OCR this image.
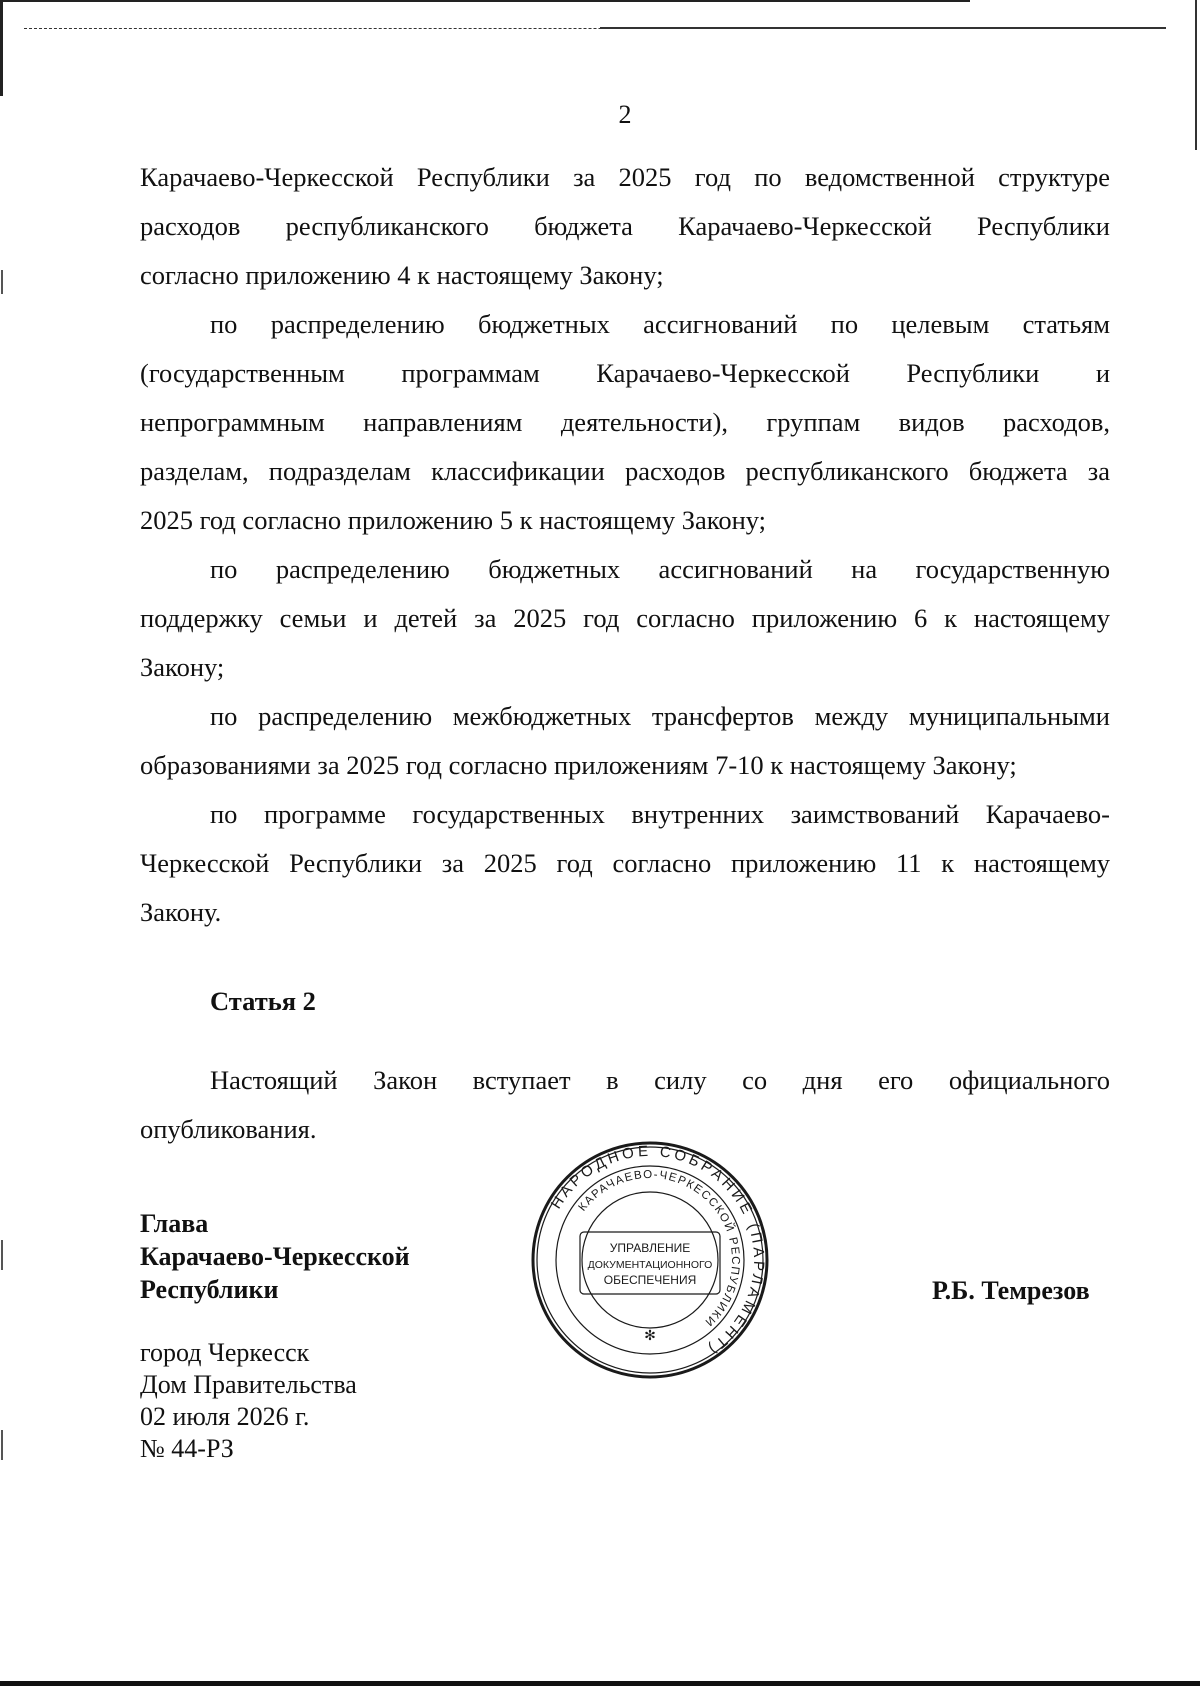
2
Карачаево-Черкесской Республики за 2025 год по ведомственной структуре
расходов республиканского бюджета Карачаево-Черкесской Республики
согласно приложению 4 к настоящему Закону;
по распределению бюджетных ассигнований по целевым статьям
(государственным программам Карачаево-Черкесской Республики и
непрограммным направлениям деятельности), группам видов расходов,
разделам, подразделам классификации расходов республиканского бюджета за
2025 год согласно приложению 5 к настоящему Закону;
по распределению бюджетных ассигнований на государственную
поддержку семьи и детей за 2025 год согласно приложению 6 к настоящему
Закону;
по распределению межбюджетных трансфертов между муниципальными
образованиями за 2025 год согласно приложениям 7-10 к настоящему Закону;
по программе государственных внутренних заимствований Карачаево-
Черкесской Республики за 2025 год согласно приложению 11 к настоящему
Закону.
Статья 2
Настоящий Закон вступает в силу со дня его официального
опубликования.
Глава
Карачаево-Черкесской
Республики	Р.Б. Темрезов
город Черкесск
Дом Правительства
02 июля 2026 г.
№ 44-РЗ
НАРОДНОЕ СОБРАНИЕ (ПАРЛАМЕНТ)
КАРАЧАЕВО-ЧЕРКЕССКОЙ РЕСПУБЛИКИ
УПРАВЛЕНИЕ
ДОКУМЕНТАЦИОННОГО
ОБЕСПЕЧЕНИЯ
✻
